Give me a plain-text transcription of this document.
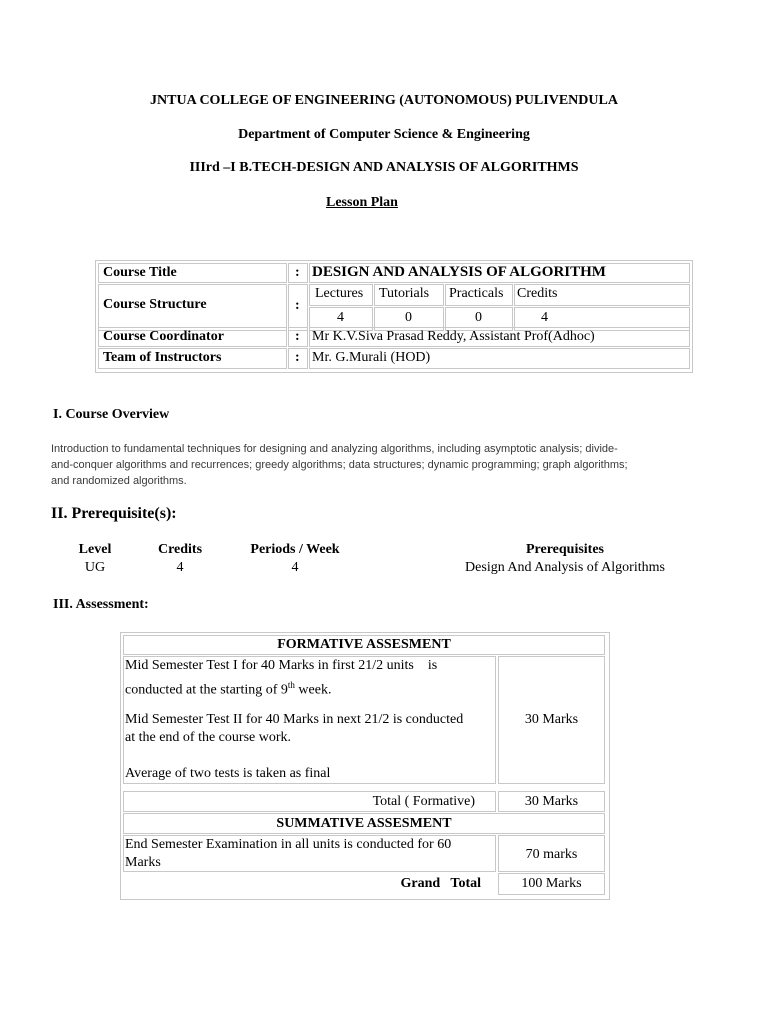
JNTUA COLLEGE OF ENGINEERING (AUTONOMOUS) PULIVENDULA
Department of Computer Science & Engineering
IIIrd –I B.TECH-DESIGN AND ANALYSIS OF ALGORITHMS
Lesson Plan
Course Title	: DESIGN AND ANALYSIS OF ALGORITHM
Course Structure	:
Lectures Tutorials Practicals Credits
4	0	0	4
Course Coordinator	: Mr K.V.Siva Prasad Reddy, Assistant Prof(Adhoc)
Team of Instructors	: Mr. G.Murali (HOD)
I. Course Overview
Introduction to fundamental techniques for designing and analyzing algorithms, including asymptotic analysis; divide-
and-conquer algorithms and recurrences; greedy algorithms; data structures; dynamic programming; graph algorithms;
and randomized algorithms.
II. Prerequisite(s):
Level	Credits	Periods / Week	Prerequisites
UG	4	4	Design And Analysis of Algorithms
III. Assessment:
FORMATIVE ASSESMENT
Mid Semester Test I for 40 Marks in first 21/2 units    is
conducted at the starting of 9th week.
Mid Semester Test II for 40 Marks in next 21/2 is conducted
at the end of the course work.
Average of two tests is taken as final
30 Marks
Total ( Formative)	30 Marks
SUMMATIVE ASSESMENT
End Semester Examination in all units is conducted for 60
Marks
70 marks
Grand   Total	100 Marks
